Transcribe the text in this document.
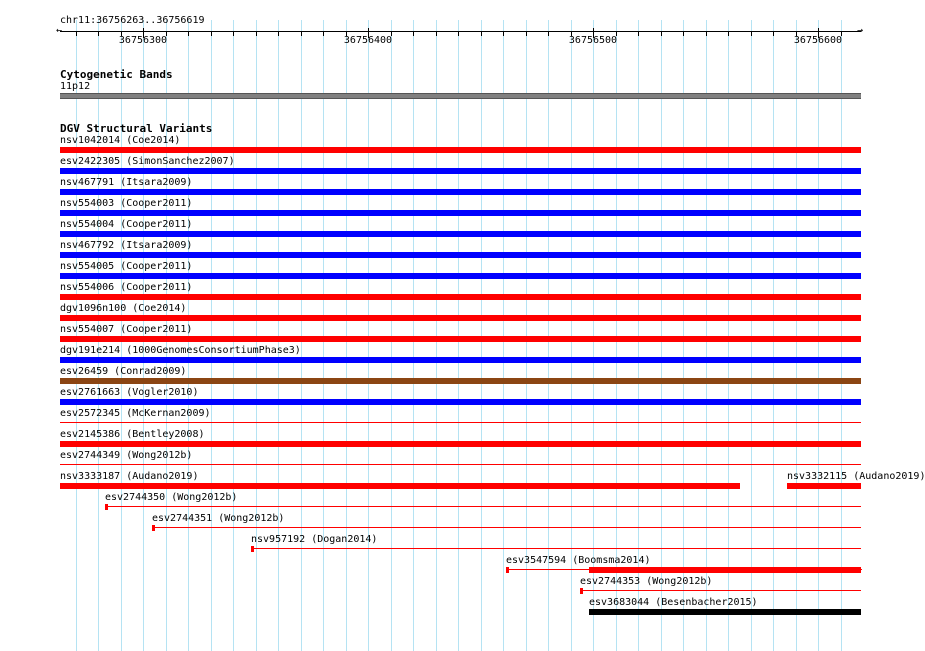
chr11:36756263..36756619
←	→
36756300	36756400	36756500	36756600
Cytogenetic Bands
11p12
DGV Structural Variants
nsv1042014 (Coe2014)
esv2422305 (SimonSanchez2007)
nsv467791 (Itsara2009)
nsv554003 (Cooper2011)
nsv554004 (Cooper2011)
nsv467792 (Itsara2009)
nsv554005 (Cooper2011)
nsv554006 (Cooper2011)
dgv1096n100 (Coe2014)
nsv554007 (Cooper2011)
dgv191e214 (1000GenomesConsortiumPhase3)
esv26459 (Conrad2009)
esv2761663 (Vogler2010)
esv2572345 (McKernan2009)
esv2145386 (Bentley2008)
esv2744349 (Wong2012b)
nsv3333187 (Audano2019)	nsv3332115 (Audano2019)
esv2744350 (Wong2012b)
esv2744351 (Wong2012b)
nsv957192 (Dogan2014)
esv3547594 (Boomsma2014)
esv2744353 (Wong2012b)
esv3683044 (Besenbacher2015)
